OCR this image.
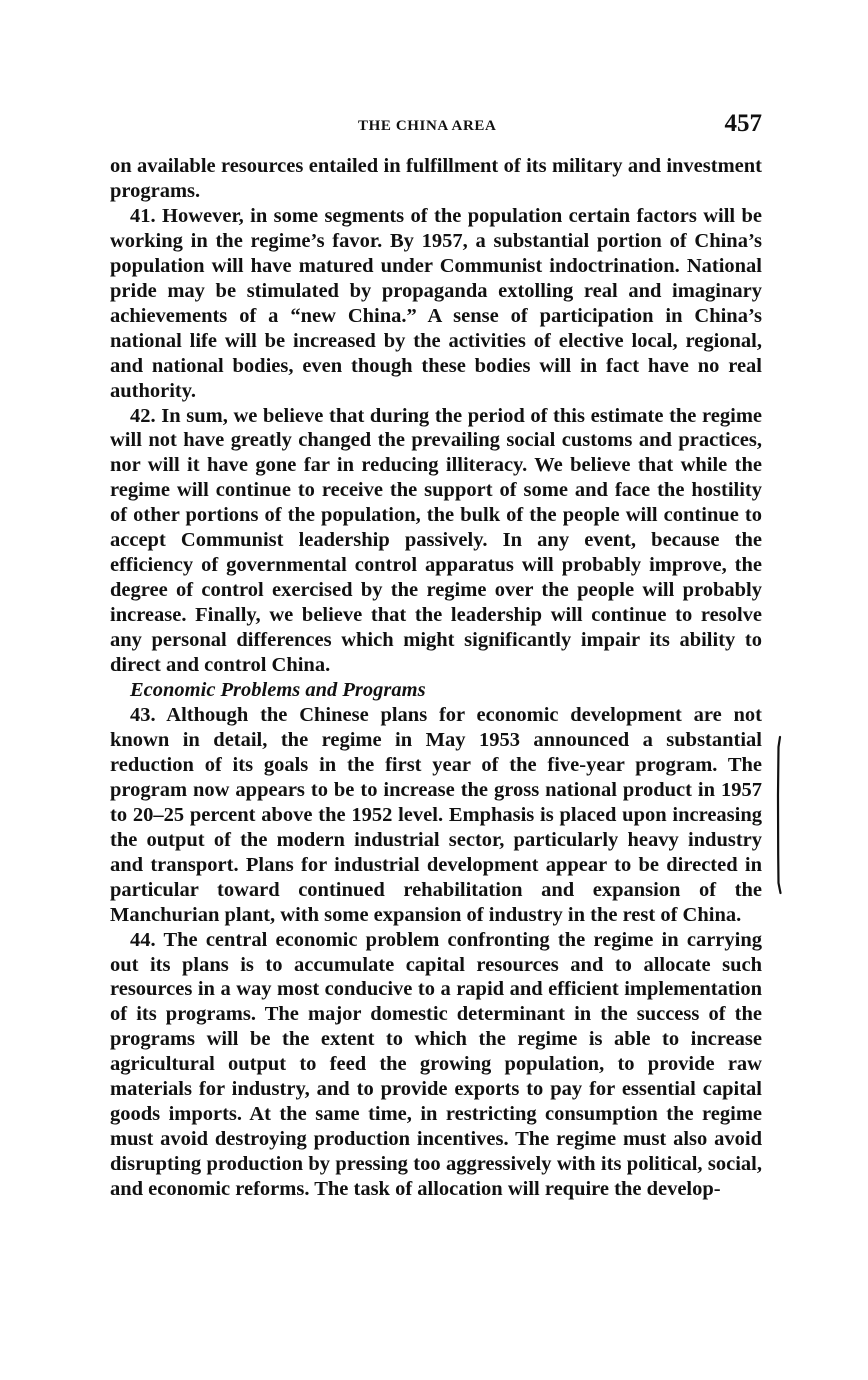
THE CHINA AREA	457

on available resources entailed in fulfillment of its military and investment programs.

41. However, in some segments of the population certain factors will be working in the regime’s favor. By 1957, a substantial portion of China’s population will have matured under Communist indoctrination. National pride may be stimulated by propaganda extolling real and imaginary achievements of a “new China.” A sense of participation in China’s national life will be increased by the activities of elective local, regional, and national bodies, even though these bodies will in fact have no real authority.

42. In sum, we believe that during the period of this estimate the regime will not have greatly changed the prevailing social customs and practices, nor will it have gone far in reducing illiteracy. We believe that while the regime will continue to receive the support of some and face the hostility of other portions of the population, the bulk of the people will continue to accept Communist leadership passively. In any event, because the efficiency of governmental control apparatus will probably improve, the degree of control exercised by the regime over the people will probably increase. Finally, we believe that the leadership will continue to resolve any personal differences which might significantly impair its ability to direct and control China.

Economic Problems and Programs

43. Although the Chinese plans for economic development are not known in detail, the regime in May 1953 announced a substantial reduction of its goals in the first year of the five-year program. The program now appears to be to increase the gross national product in 1957 to 20–25 percent above the 1952 level. Emphasis is placed upon increasing the output of the modern industrial sector, particularly heavy industry and transport. Plans for industrial development appear to be directed in particular toward continued rehabilitation and expansion of the Manchurian plant, with some expansion of industry in the rest of China.

44. The central economic problem confronting the regime in carrying out its plans is to accumulate capital resources and to allocate such resources in a way most conducive to a rapid and efficient implementation of its programs. The major domestic determinant in the success of the programs will be the extent to which the regime is able to increase agricultural output to feed the growing population, to provide raw materials for industry, and to provide exports to pay for essential capital goods imports. At the same time, in restricting consumption the regime must avoid destroying production incentives. The regime must also avoid disrupting production by pressing too aggressively with its political, social, and economic reforms. The task of allocation will require the develop-
